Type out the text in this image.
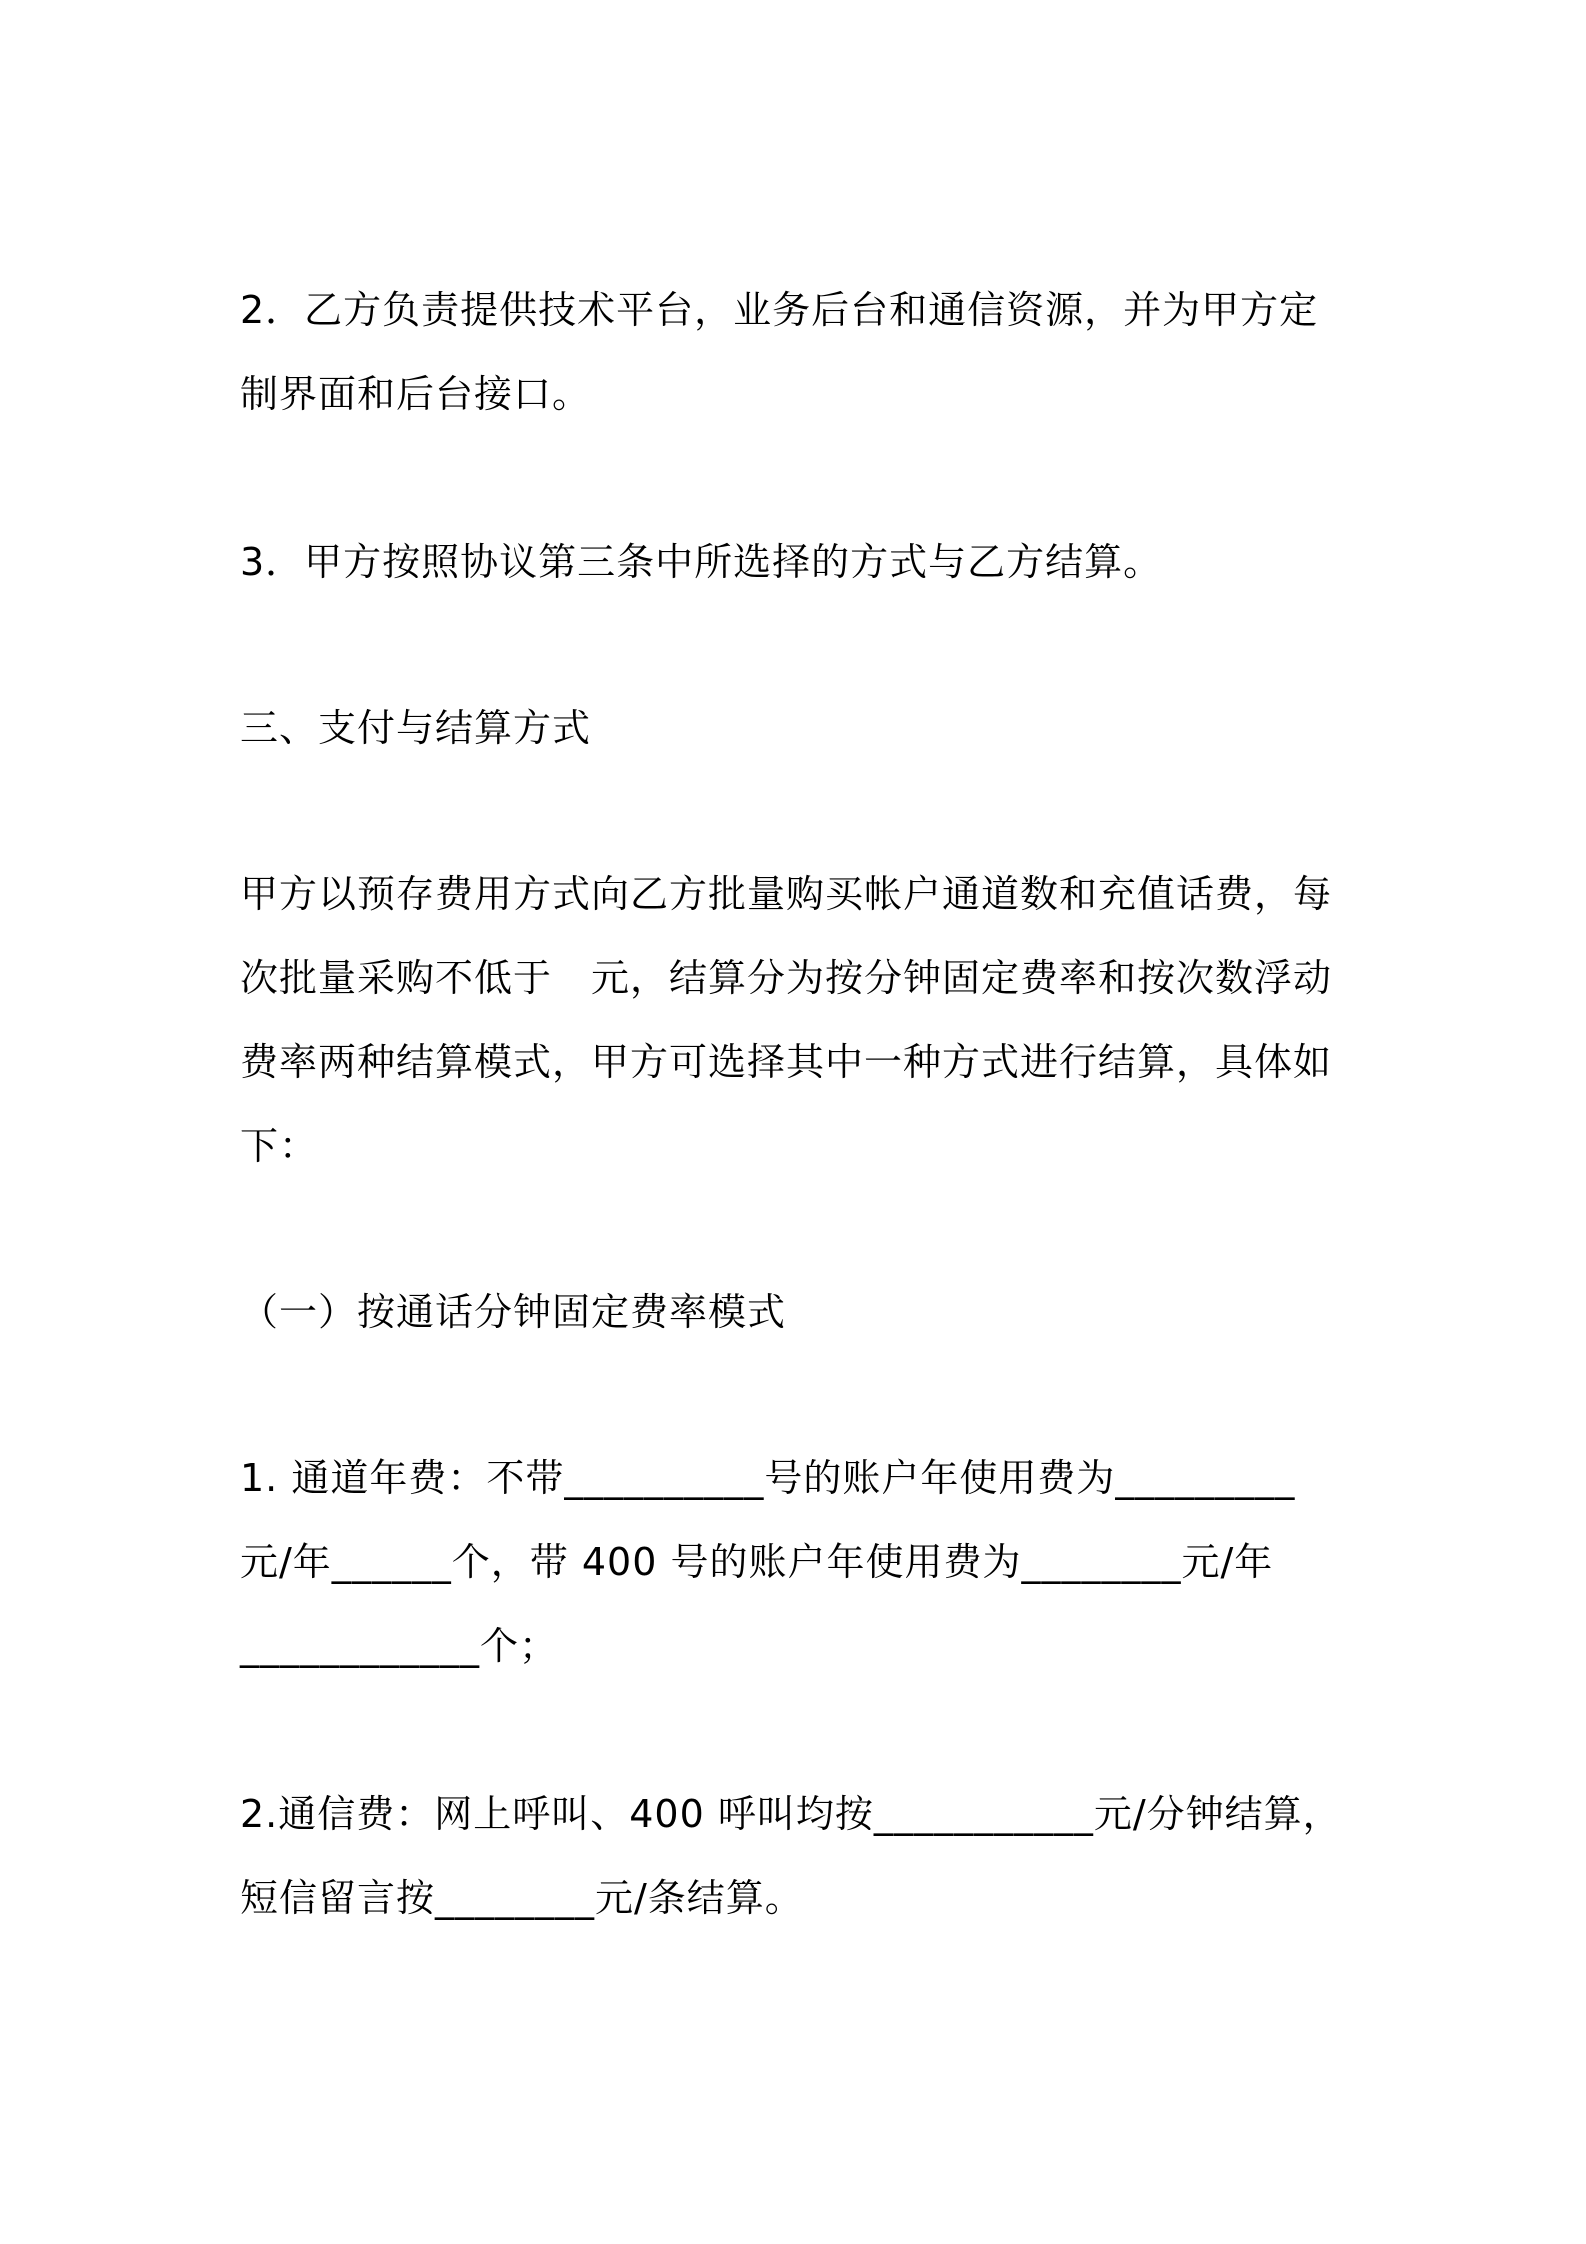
2．乙方负责提供技术平台，业务后台和通信资源，并为甲方定
制界面和后台接口。
3．甲方按照协议第三条中所选择的方式与乙方结算。
三、支付与结算方式
甲方以预存费用方式向乙方批量购买帐户通道数和充值话费，每
次批量采购不低于　元，结算分为按分钟固定费率和按次数浮动
费率两种结算模式，甲方可选择其中一种方式进行结算，具体如
下：
（一）按通话分钟固定费率模式
1. 通道年费：不带__________号的账户年使用费为_________
元/年______个，带 400 号的账户年使用费为________元/年
____________个；
2.通信费：网上呼叫、400 呼叫均按___________元/分钟结算，
短信留言按________元/条结算。
